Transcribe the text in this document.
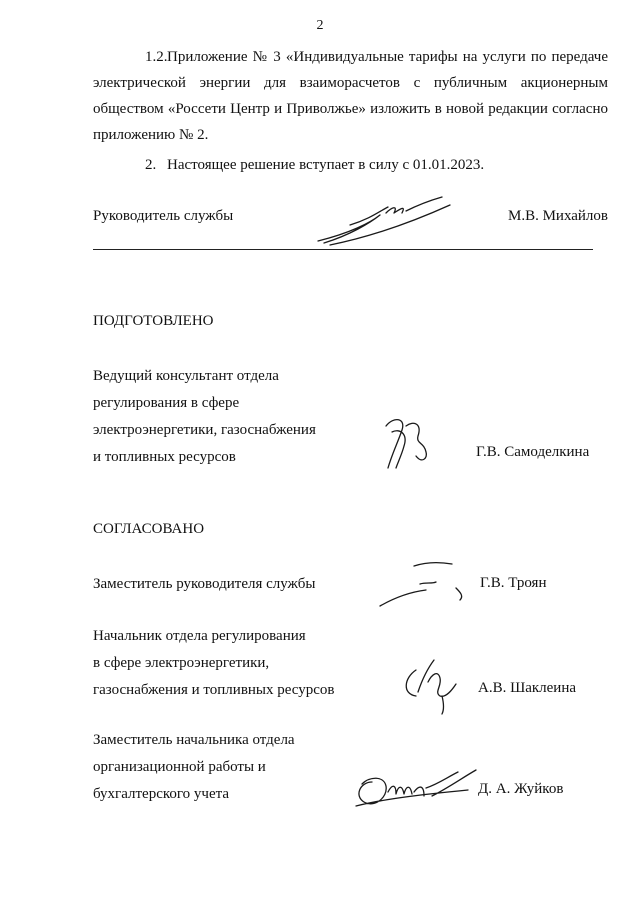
2
1.2.Приложение № 3 «Индивидуальные тарифы на услуги по передаче электрической энергии для взаиморасчетов с публичным акционерным обществом «Россети Центр и Приволжье» изложить в новой редакции согласно приложению № 2.
2. Настоящее решение вступает в силу с 01.01.2023.
Руководитель службы	М.В. Михайлов
ПОДГОТОВЛЕНО
Ведущий консультант отдела
регулирования в сфере
электроэнергетики, газоснабжения
и топливных ресурсов	Г.В. Самоделкина
СОГЛАСОВАНО
Заместитель руководителя службы	Г.В. Троян
Начальник отдела регулирования
в сфере электроэнергетики,
газоснабжения и топливных ресурсов	А.В. Шаклеина
Заместитель начальника отдела
организационной работы и
бухгалтерского учета	Д. А. Жуйков
